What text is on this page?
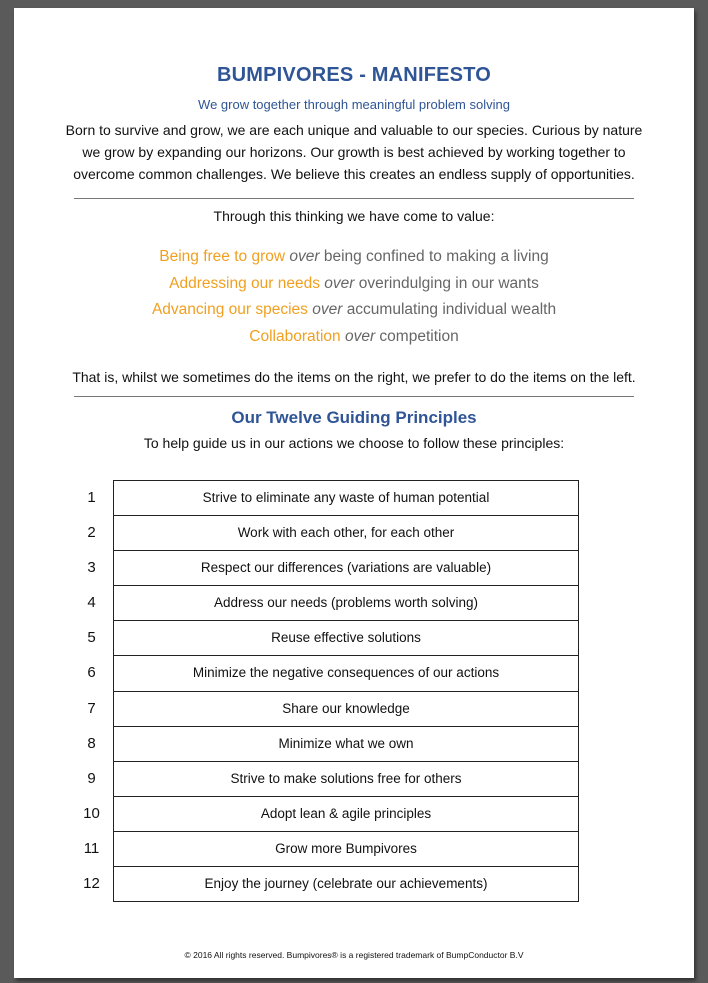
BUMPIVORES - MANIFESTO
We grow together through meaningful problem solving
Born to survive and grow, we are each unique and valuable to our species. Curious by nature we grow by expanding our horizons. Our growth is best achieved by working together to overcome common challenges. We believe this creates an endless supply of opportunities.
Through this thinking we have come to value:
Being free to grow over being confined to making a living
Addressing our needs over overindulging in our wants
Advancing our species over accumulating individual wealth
Collaboration over competition
That is, whilst we sometimes do the items on the right, we prefer to do the items on the left.
Our Twelve Guiding Principles
To help guide us in our actions we choose to follow these principles:
1	Strive to eliminate any waste of human potential
2	Work with each other, for each other
3	Respect our differences (variations are valuable)
4	Address our needs (problems worth solving)
5	Reuse effective solutions
6	Minimize the negative consequences of our actions
7	Share our knowledge
8	Minimize what we own
9	Strive to make solutions free for others
10	Adopt lean & agile principles
11	Grow more Bumpivores
12	Enjoy the journey (celebrate our achievements)
© 2016 All rights reserved. Bumpivores® is a registered trademark of BumpConductor B.V
